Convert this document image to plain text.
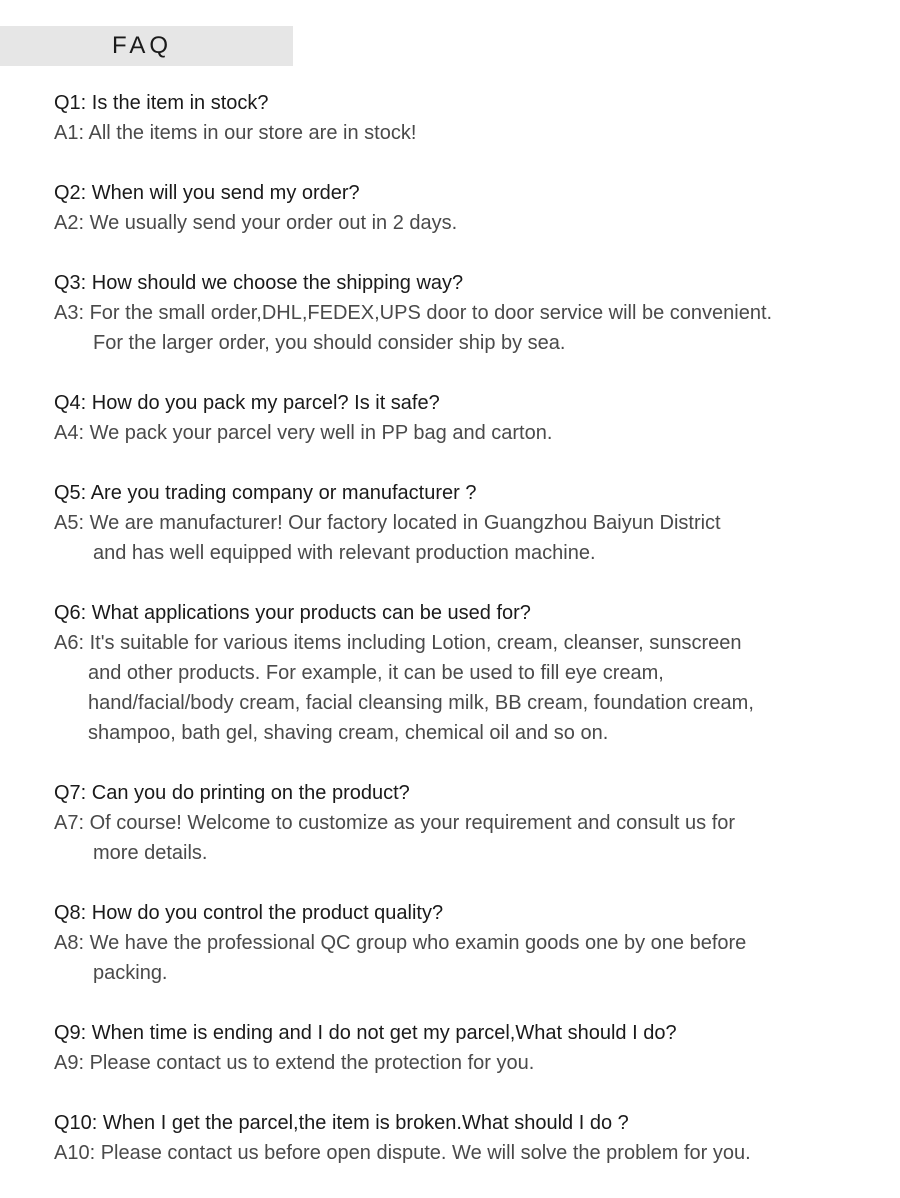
FAQ
Q1: Is the item in stock?
A1: All the items in our store are in stock!
Q2: When will you send my order?
A2: We usually send your order out in 2 days.
Q3: How should we choose the shipping way?
A3: For the small order,DHL,FEDEX,UPS door to door service will be convenient.
For the larger order, you should consider ship by sea.
Q4: How do you pack my parcel? Is it safe?
A4: We pack your parcel very well in PP bag and carton.
Q5: Are you trading company or manufacturer ?
A5: We are manufacturer! Our factory located in Guangzhou Baiyun District
and has well equipped with relevant production machine.
Q6: What applications your products can be used for?
A6: It's suitable for various items including Lotion, cream, cleanser, sunscreen
and other products. For example, it can be used to fill eye cream,
hand/facial/body cream, facial cleansing milk, BB cream, foundation cream,
shampoo, bath gel, shaving cream, chemical oil and so on.
Q7: Can you do printing on the product?
A7: Of course! Welcome to customize as your requirement and consult us for
more details.
Q8: How do you control the product quality?
A8: We have the professional QC group who examin goods one by one before
packing.
Q9: When time is ending and I do not get my parcel,What should I do?
A9: Please contact us to extend the protection for you.
Q10: When I get the parcel,the item is broken.What should I do ?
A10: Please contact us before open dispute. We will solve the problem for you.
